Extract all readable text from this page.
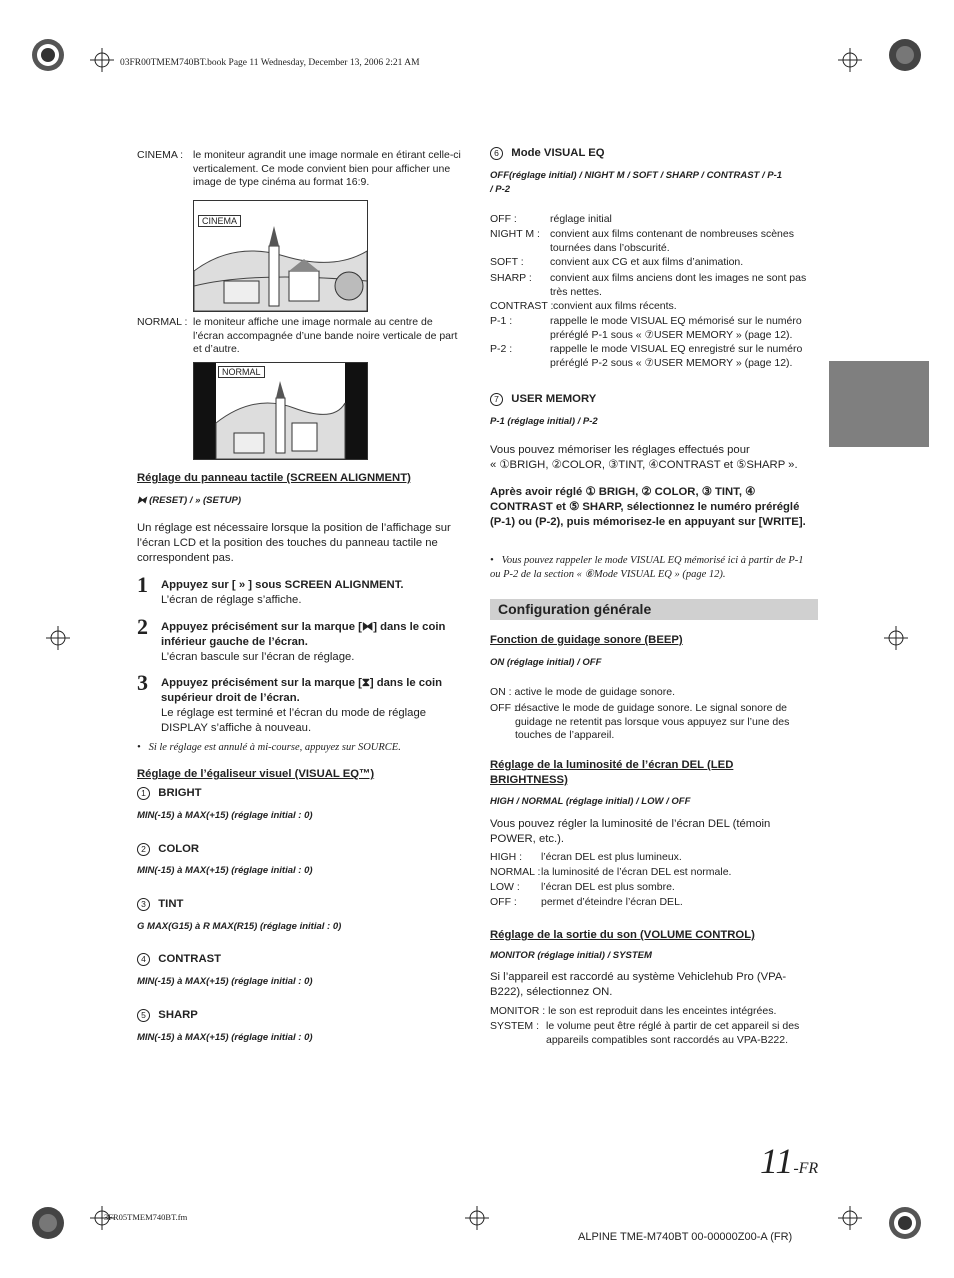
03FR00TMEM740BT.book Page 11 Wednesday, December 13, 2006 2:21 AM
CINEMA : le moniteur agrandit une image normale en étirant celle-ci verticalement. Ce mode convient bien pour afficher une image de type cinéma au format 16:9.
CINEMA
NORMAL : le moniteur affiche une image normale au centre de l’écran accompagnée d’une bande noire verticale de part et d’autre.
NORMAL
Réglage du panneau tactile (SCREEN ALIGNMENT)
⧓ (RESET) / » (SETUP)
Un réglage est nécessaire lorsque la position de l’affichage sur l’écran LCD et la position des touches du panneau tactile ne correspondent pas.
1 Appuyez sur [ » ] sous SCREEN ALIGNMENT.
L’écran de réglage s’affiche.
2 Appuyez précisément sur la marque [⧓] dans le coin inférieur gauche de l’écran.
L’écran bascule sur l’écran de réglage.
3 Appuyez précisément sur la marque [⧗] dans le coin supérieur droit de l’écran.
Le réglage est terminé et l’écran du mode de réglage DISPLAY s’affiche à nouveau.
•   Si le réglage est annulé à mi-course, appuyez sur SOURCE.
Réglage de l’égaliseur visuel (VISUAL EQ™)
1 BRIGHT
MIN(-15) à MAX(+15) (réglage initial : 0)
2 COLOR
MIN(-15) à MAX(+15) (réglage initial : 0)
3 TINT
G MAX(G15) à R MAX(R15) (réglage initial : 0)
4 CONTRAST
MIN(-15) à MAX(+15) (réglage initial : 0)
5 SHARP
MIN(-15) à MAX(+15) (réglage initial : 0)
6 Mode VISUAL EQ
OFF(réglage initial) / NIGHT M / SOFT / SHARP / CONTRAST / P-1
/ P-2
OFF :	réglage initial
NIGHT M : convient aux films contenant de nombreuses scènes tournées dans l’obscurité.
SOFT :	convient aux CG et aux films d’animation.
SHARP : convient aux films anciens dont les images ne sont pas très nettes.
CONTRAST : convient aux films récents.
P-1 :	rappelle le mode VISUAL EQ mémorisé sur le numéro préréglé P-1 sous « ⑦USER MEMORY » (page 12).
P-2 :	rappelle le mode VISUAL EQ enregistré sur le numéro préréglé P-2 sous « ⑦USER MEMORY » (page 12).
7 USER MEMORY
P-1 (réglage initial) / P-2
Vous pouvez mémoriser les réglages effectués pour
« ①BRIGH, ②COLOR, ③TINT, ④CONTRAST et ⑤SHARP ».
Après avoir réglé ① BRIGH, ② COLOR, ③ TINT, ④ CONTRAST et ⑤ SHARP, sélectionnez le numéro préréglé (P-1) ou (P-2), puis mémorisez-le en appuyant sur [WRITE].
•   Vous pouvez rappeler le mode VISUAL EQ mémorisé ici à partir de P-1 ou P-2 de la section « ⑥Mode VISUAL EQ » (page 12).
Configuration générale
Fonction de guidage sonore (BEEP)
ON (réglage initial) / OFF
ON : active le mode de guidage sonore.
OFF :
désactive le mode de guidage sonore. Le signal sonore de guidage ne retentit pas lorsque vous appuyez sur l’une des touches de l’appareil.
Réglage de la luminosité de l’écran DEL (LED
BRIGHTNESS)
HIGH / NORMAL (réglage initial) / LOW / OFF
Vous pouvez régler la luminosité de l’écran DEL (témoin POWER, etc.).
HIGH : l’écran DEL est plus lumineux.
NORMAL : la luminosité de l’écran DEL est normale.
LOW : l’écran DEL est plus sombre.
OFF : permet d’éteindre l’écran DEL.
Réglage de la sortie du son (VOLUME CONTROL)
MONITOR (réglage initial) / SYSTEM
Si l’appareil est raccordé au système Vehiclehub Pro (VPA-B222), sélectionnez ON.
MONITOR : le son est reproduit dans les enceintes intégrées.
SYSTEM : le volume peut être réglé à partir de cet appareil si des appareils compatibles sont raccordés au VPA-B222.
11-FR
3FR05TMEM740BT.fm
ALPINE TME-M740BT 00-00000Z00-A (FR)
